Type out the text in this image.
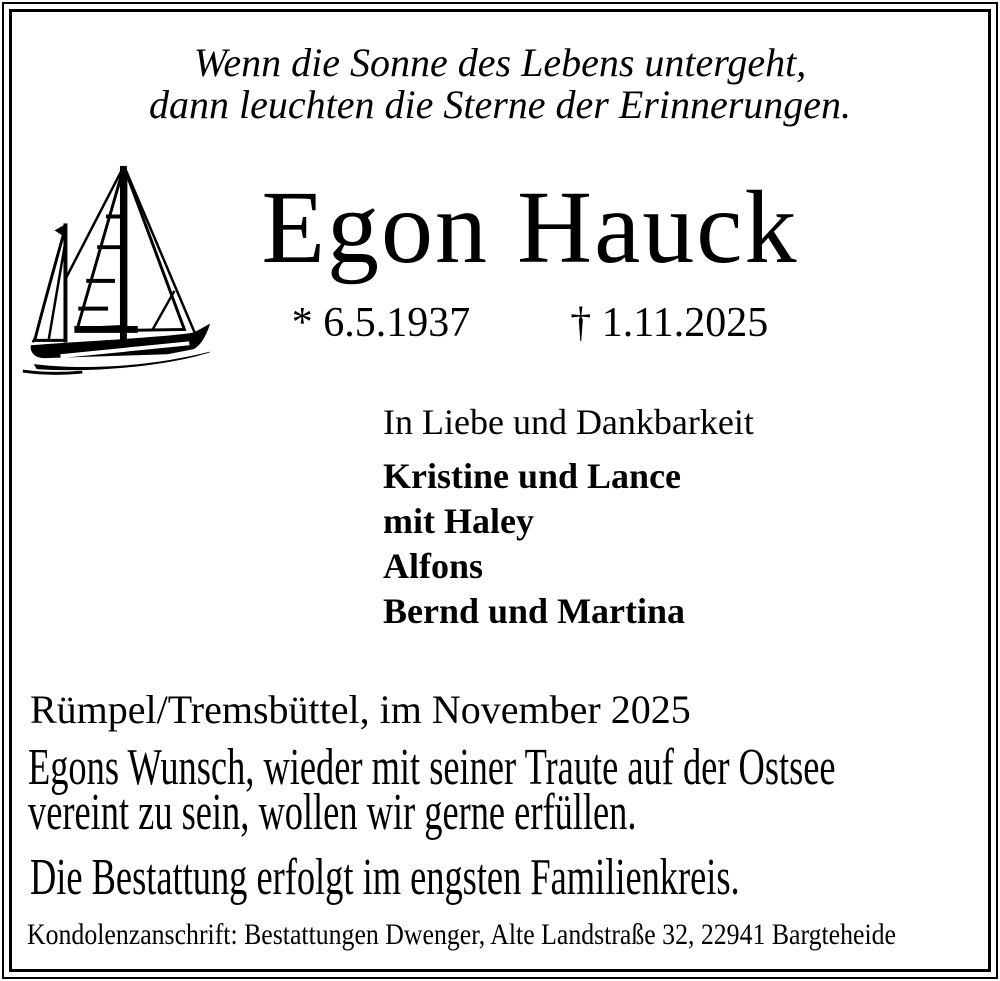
Wenn die Sonne des Lebens untergeht,
dann leuchten die Sterne der Erinnerungen.
Egon Hauck
* 6.5.1937 † 1.11.2025
In Liebe und Dankbarkeit
Kristine und Lance
mit Haley
Alfons
Bernd und Martina
Rümpel/Tremsbüttel, im November 2025
Egons Wunsch, wieder mit seiner Traute auf der Ostsee
vereint zu sein, wollen wir gerne erfüllen.
Die Bestattung erfolgt im engsten Familienkreis.
Kondolenzanschrift: Bestattungen Dwenger, Alte Landstraße 32, 22941 Bargteheide
